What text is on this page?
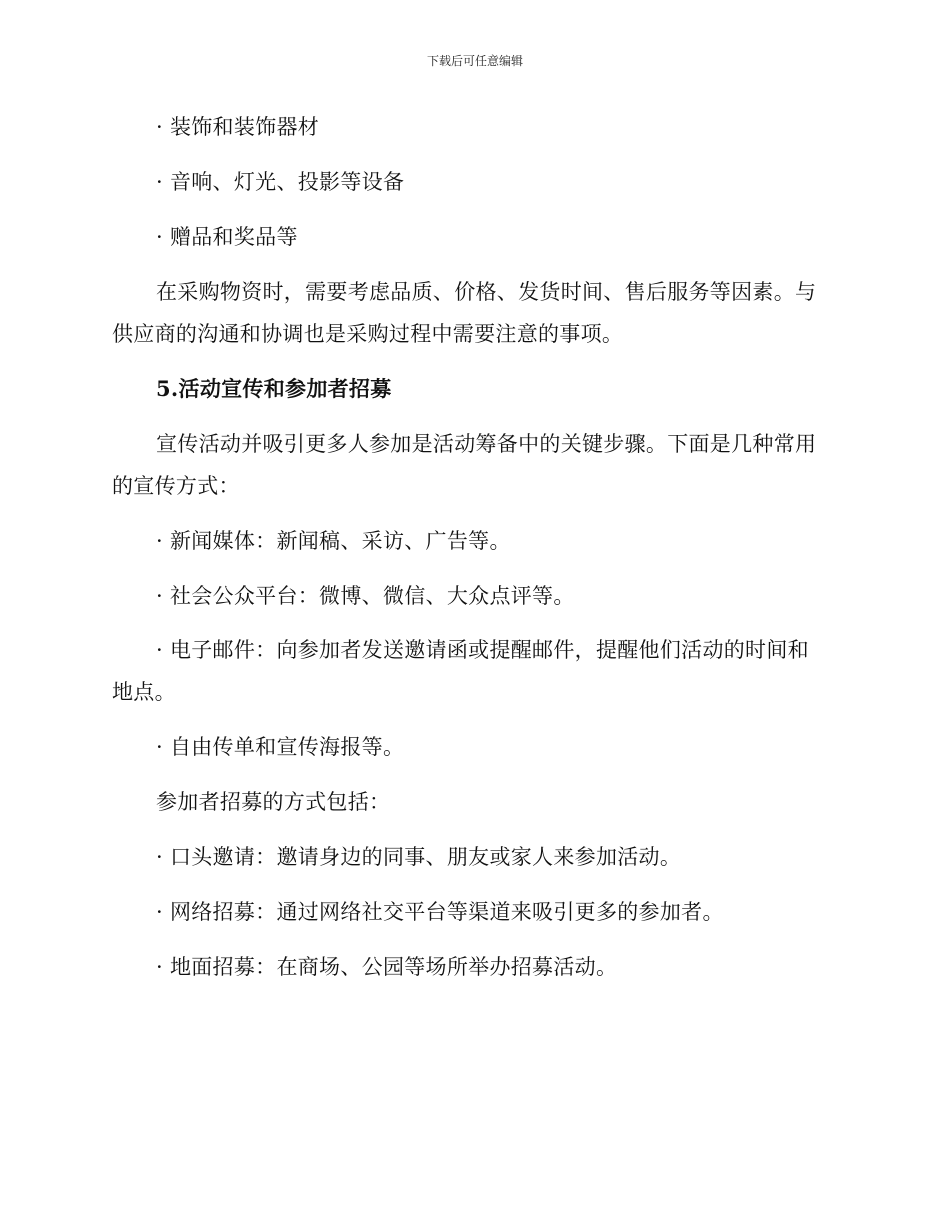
下载后可任意编辑
· 装饰和装饰器材
· 音响、灯光、投影等设备
· 赠品和奖品等
在采购物资时，需要考虑品质、价格、发货时间、售后服务等因素。与
供应商的沟通和协调也是采购过程中需要注意的事项。
5.活动宣传和参加者招募
宣传活动并吸引更多人参加是活动筹备中的关键步骤。下面是几种常用
的宣传方式：
· 新闻媒体：新闻稿、采访、广告等。
· 社会公众平台：微博、微信、大众点评等。
· 电子邮件：向参加者发送邀请函或提醒邮件，提醒他们活动的时间和
地点。
· 自由传单和宣传海报等。
参加者招募的方式包括：
· 口头邀请：邀请身边的同事、朋友或家人来参加活动。
· 网络招募：通过网络社交平台等渠道来吸引更多的参加者。
· 地面招募：在商场、公园等场所举办招募活动。
